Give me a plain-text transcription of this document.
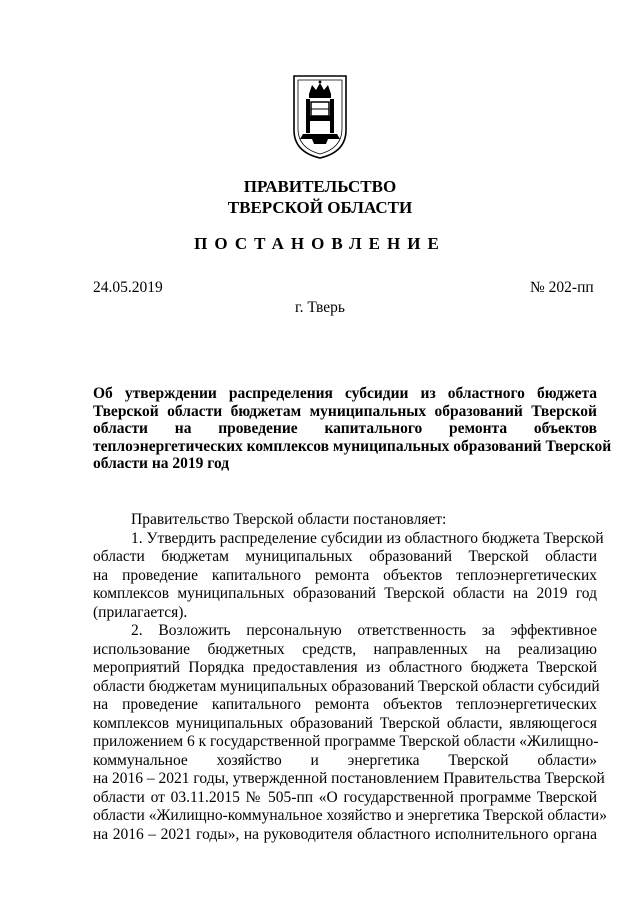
ПРАВИТЕЛЬСТВО
ТВЕРСКОЙ ОБЛАСТИ
ПОСТАНОВЛЕНИЕ
24.05.2019	№ 202-пп
г. Тверь
Об утверждении распределения субсидии из областного бюджета
Тверской области бюджетам муниципальных образований Тверской
области на проведение капитального ремонта объектов
теплоэнергетических комплексов муниципальных образований Тверской
области на 2019 год
Правительство Тверской области постановляет:
1. Утвердить распределение субсидии из областного бюджета Тверской
области бюджетам муниципальных образований Тверской области
на проведение капитального ремонта объектов теплоэнергетических
комплексов муниципальных образований Тверской области на 2019 год
(прилагается).
2. Возложить персональную ответственность за эффективное
использование бюджетных средств, направленных на реализацию
мероприятий Порядка предоставления из областного бюджета Тверской
области бюджетам муниципальных образований Тверской области субсидий
на проведение капитального ремонта объектов теплоэнергетических
комплексов муниципальных образований Тверской области, являющегося
приложением 6 к государственной программе Тверской области «Жилищно-
коммунальное хозяйство и энергетика Тверской области»
на 2016 – 2021 годы, утвержденной постановлением Правительства Тверской
области от 03.11.2015 № 505-пп «О государственной программе Тверской
области «Жилищно-коммунальное хозяйство и энергетика Тверской области»
на 2016 – 2021 годы», на руководителя областного исполнительного органа
